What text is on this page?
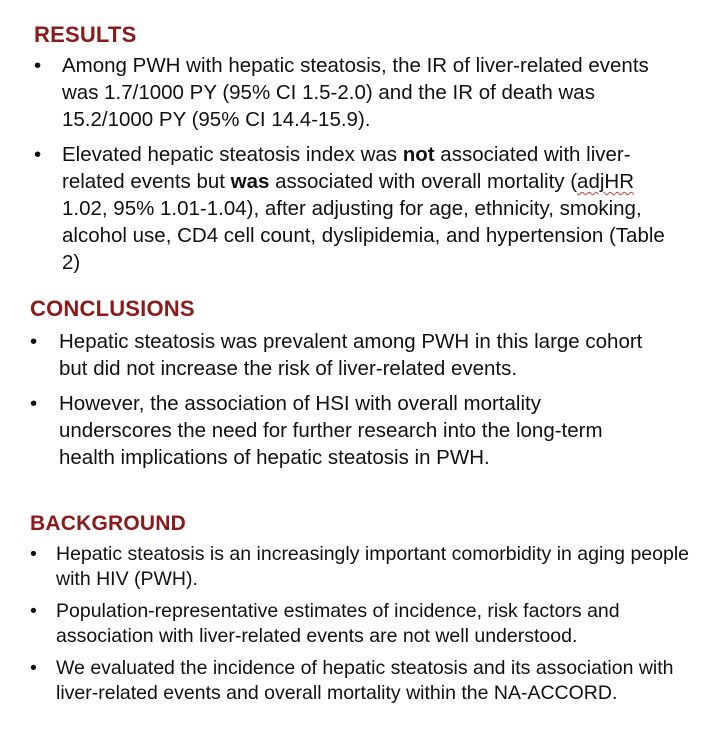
RESULTS
• Among PWH with hepatic steatosis, the IR of liver-related events was 1.7/1000 PY (95% CI 1.5-2.0) and the IR of death was 15.2/1000 PY (95% CI 14.4-15.9).
• Elevated hepatic steatosis index was not associated with liver-related events but was associated with overall mortality (adjHR 1.02, 95% 1.01-1.04), after adjusting for age, ethnicity, smoking, alcohol use, CD4 cell count, dyslipidemia, and hypertension (Table 2)
CONCLUSIONS
• Hepatic steatosis was prevalent among PWH in this large cohort but did not increase the risk of liver-related events.
• However, the association of HSI with overall mortality underscores the need for further research into the long-term health implications of hepatic steatosis in PWH.
BACKGROUND
• Hepatic steatosis is an increasingly important comorbidity in aging people with HIV (PWH).
• Population-representative estimates of incidence, risk factors and association with liver-related events are not well understood.
• We evaluated the incidence of hepatic steatosis and its association with liver-related events and overall mortality within the NA-ACCORD.
